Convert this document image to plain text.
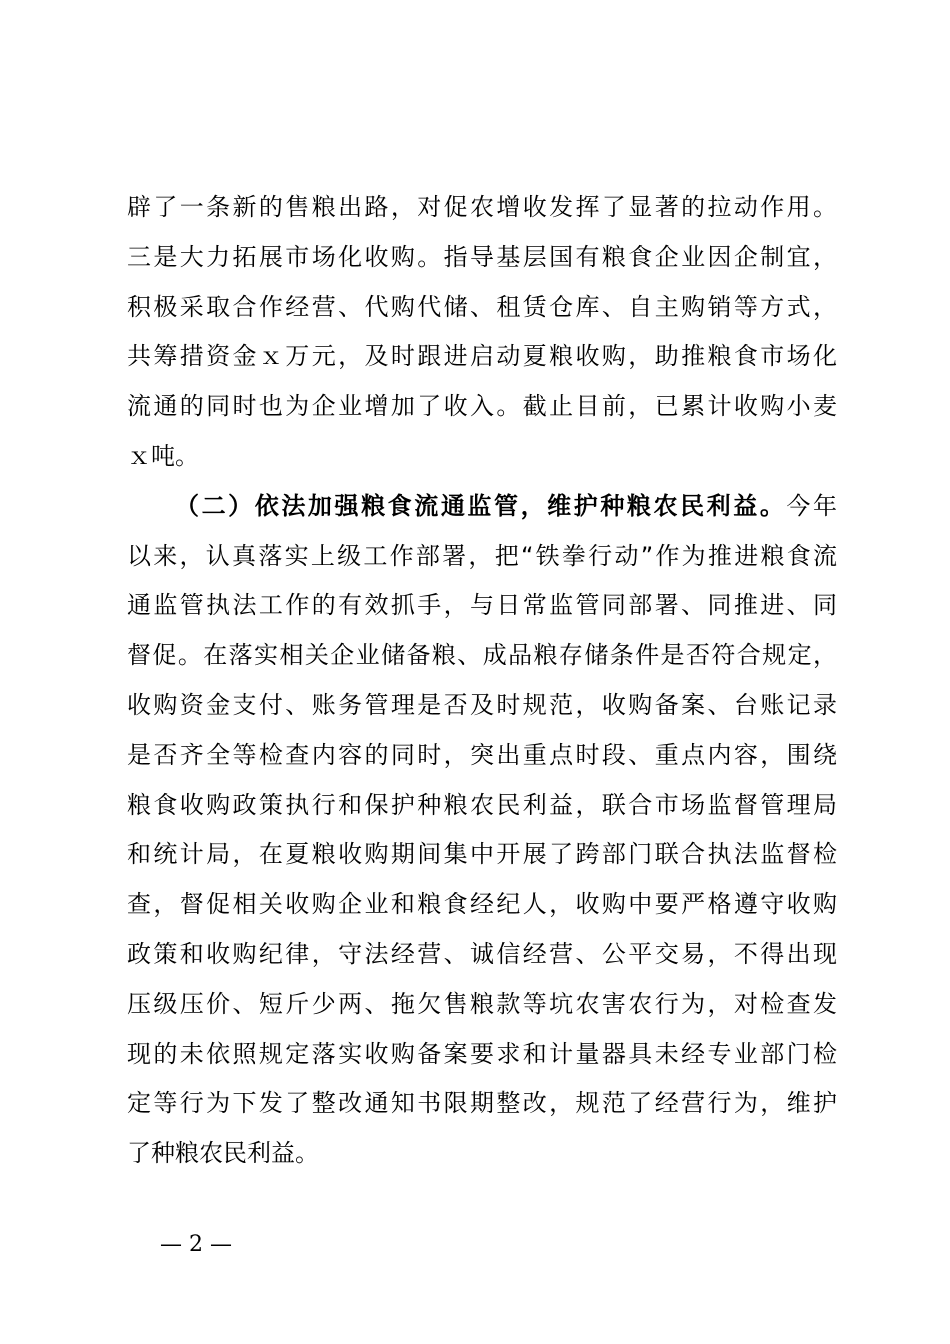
辟了一条新的售粮出路，对促农增收发挥了显著的拉动作用。
三是大力拓展市场化收购。指导基层国有粮食企业因企制宜，
积极采取合作经营、代购代储、租赁仓库、自主购销等方式，
共筹措资金ｘ万元，及时跟进启动夏粮收购，助推粮食市场化
流通的同时也为企业增加了收入。截止目前，已累计收购小麦
ｘ吨。
（二）依法加强粮食流通监管，维护种粮农民利益。今年
以来，认真落实上级工作部署，把“铁拳行动”作为推进粮食流
通监管执法工作的有效抓手，与日常监管同部署、同推进、同
督促。在落实相关企业储备粮、成品粮存储条件是否符合规定，
收购资金支付、账务管理是否及时规范，收购备案、台账记录
是否齐全等检查内容的同时，突出重点时段、重点内容，围绕
粮食收购政策执行和保护种粮农民利益，联合市场监督管理局
和统计局，在夏粮收购期间集中开展了跨部门联合执法监督检
查，督促相关收购企业和粮食经纪人，收购中要严格遵守收购
政策和收购纪律，守法经营、诚信经营、公平交易，不得出现
压级压价、短斤少两、拖欠售粮款等坑农害农行为，对检查发
现的未依照规定落实收购备案要求和计量器具未经专业部门检
定等行为下发了整改通知书限期整改，规范了经营行为，维护
了种粮农民利益。
— 2 —
